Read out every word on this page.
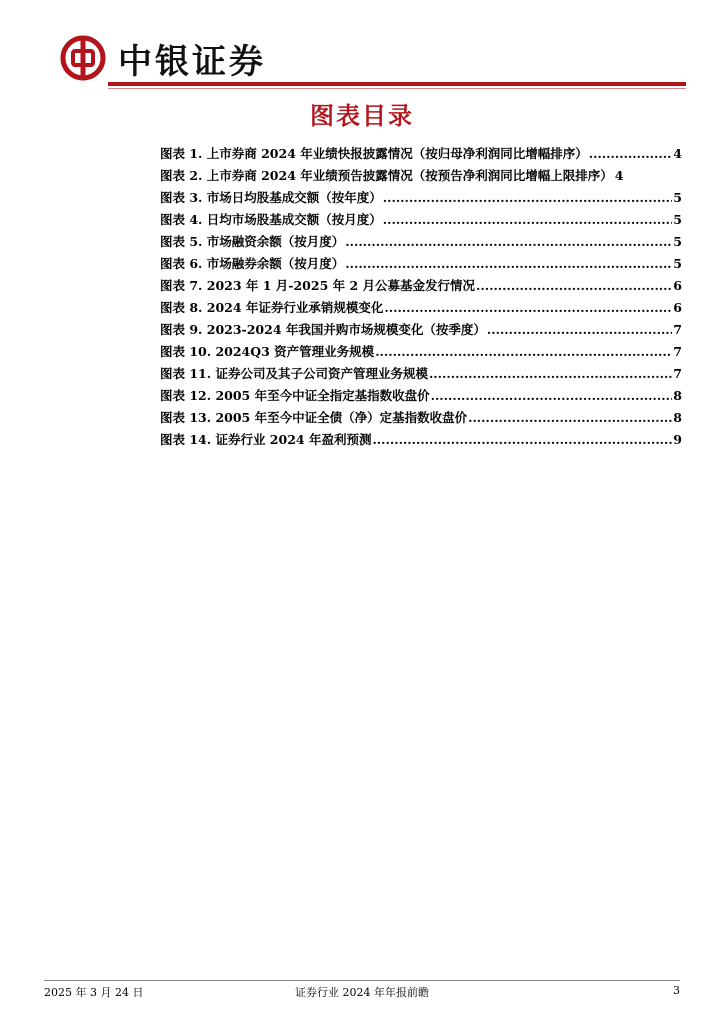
中银证券
图表目录
图表 1. 上市券商 2024 年业绩快报披露情况（按归母净利润同比增幅排序） .....	4
图表 2. 上市券商 2024 年业绩预告披露情况（按预告净利润同比增幅上限排序） 4
图表 3. 市场日均股基成交额（按年度） .....	5
图表 4. 日均市场股基成交额（按月度） .....	5
图表 5. 市场融资余额（按月度） .....	5
图表 6. 市场融券余额（按月度） .....	5
图表 7. 2023 年 1 月-2025 年 2 月公募基金发行情况 .....	6
图表 8. 2024 年证券行业承销规模变化 .....	6
图表 9. 2023-2024 年我国并购市场规模变化（按季度） .....	7
图表 10. 2024Q3 资产管理业务规模 .....	7
图表 11. 证券公司及其子公司资产管理业务规模 .....	7
图表 12. 2005 年至今中证全指定基指数收盘价 .....	8
图表 13. 2005 年至今中证全债（净）定基指数收盘价 .....	8
图表 14. 证券行业 2024 年盈利预测 .....	9
2025 年 3 月 24 日	证券行业 2024 年年报前瞻	3
